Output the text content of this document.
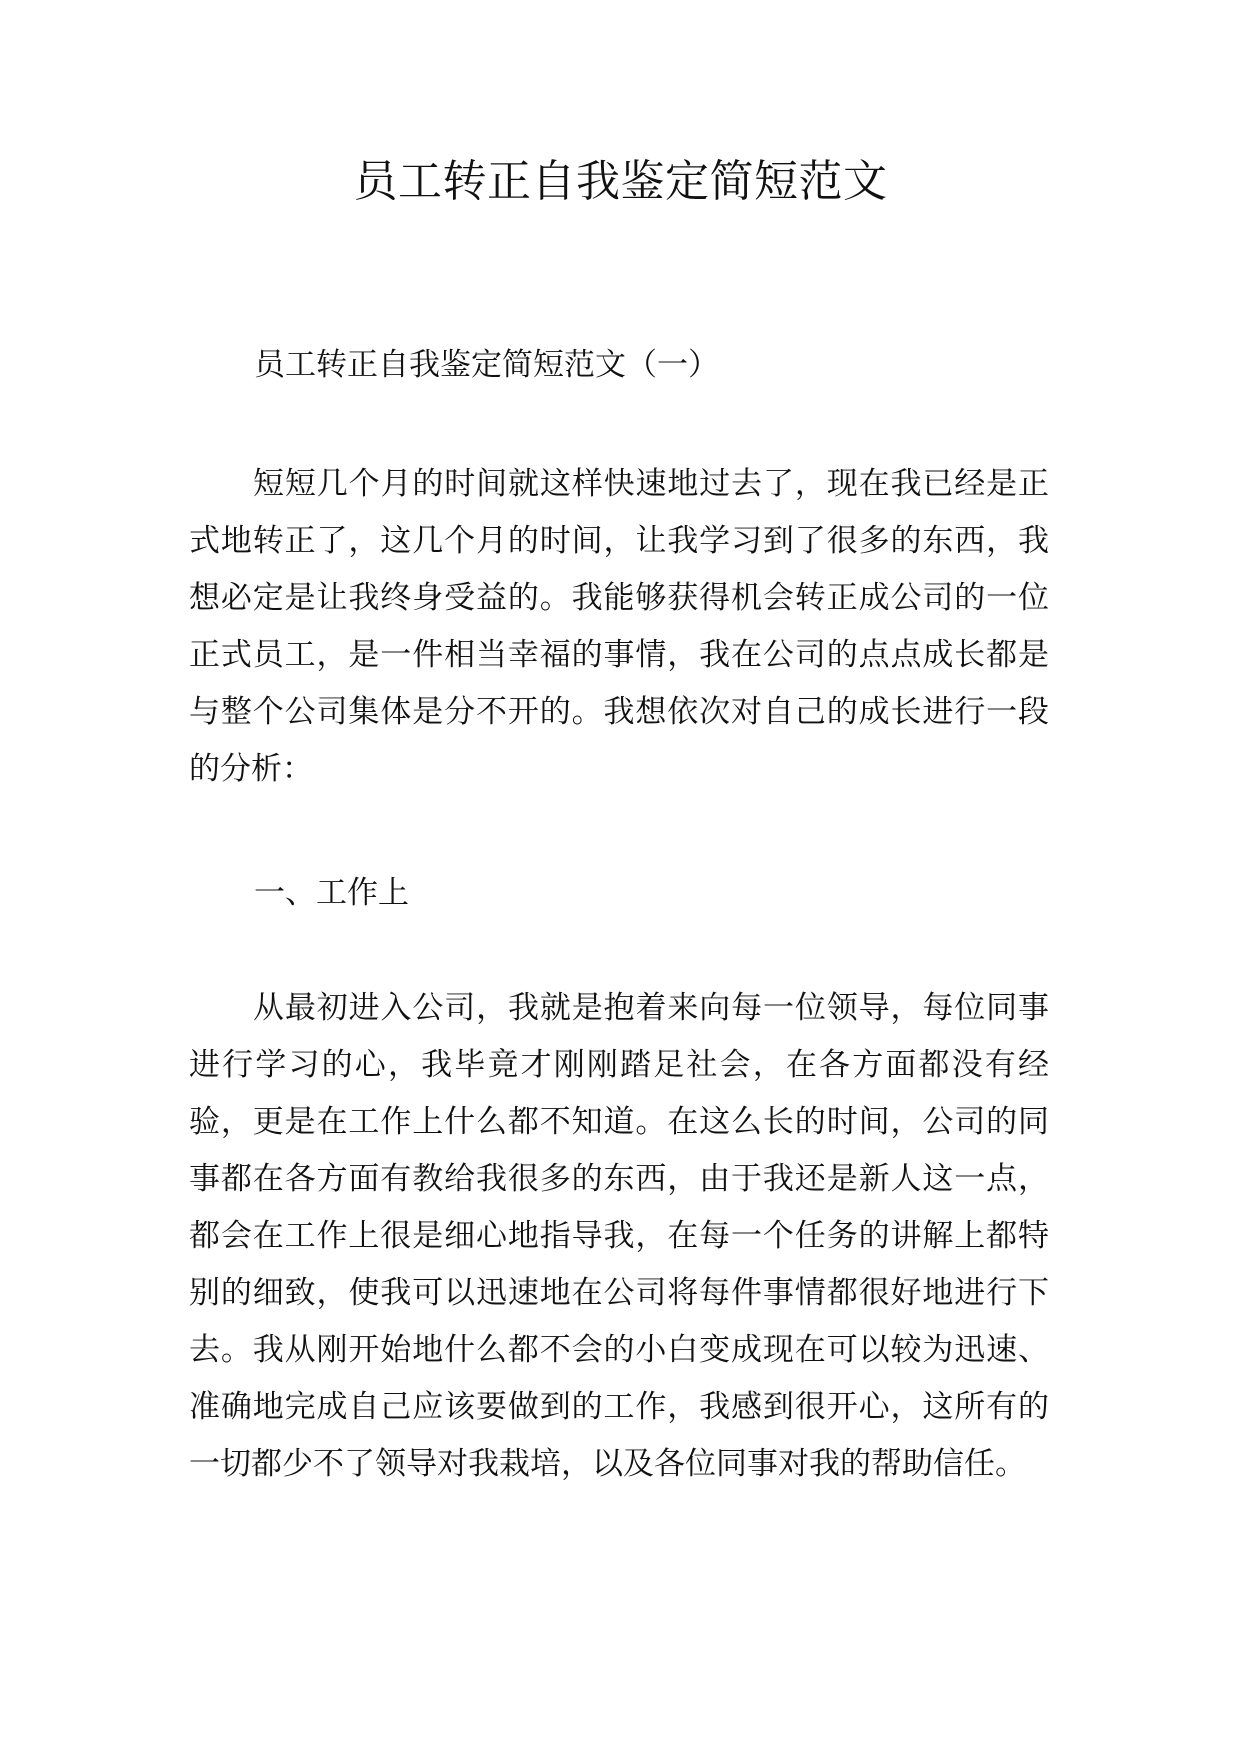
员工转正自我鉴定简短范文

员工转正自我鉴定简短范文（一）

短短几个月的时间就这样快速地过去了，现在我已经是正式地转正了，这几个月的时间，让我学习到了很多的东西，我想必定是让我终身受益的。我能够获得机会转正成公司的一位正式员工，是一件相当幸福的事情，我在公司的点点成长都是与整个公司集体是分不开的。我想依次对自己的成长进行一段的分析：

一、工作上

从最初进入公司，我就是抱着来向每一位领导，每位同事进行学习的心，我毕竟才刚刚踏足社会，在各方面都没有经验，更是在工作上什么都不知道。在这么长的时间，公司的同事都在各方面有教给我很多的东西，由于我还是新人这一点，都会在工作上很是细心地指导我，在每一个任务的讲解上都特别的细致，使我可以迅速地在公司将每件事情都很好地进行下去。我从刚开始地什么都不会的小白变成现在可以较为迅速、准确地完成自己应该要做到的工作，我感到很开心，这所有的一切都少不了领导对我栽培，以及各位同事对我的帮助信任。
